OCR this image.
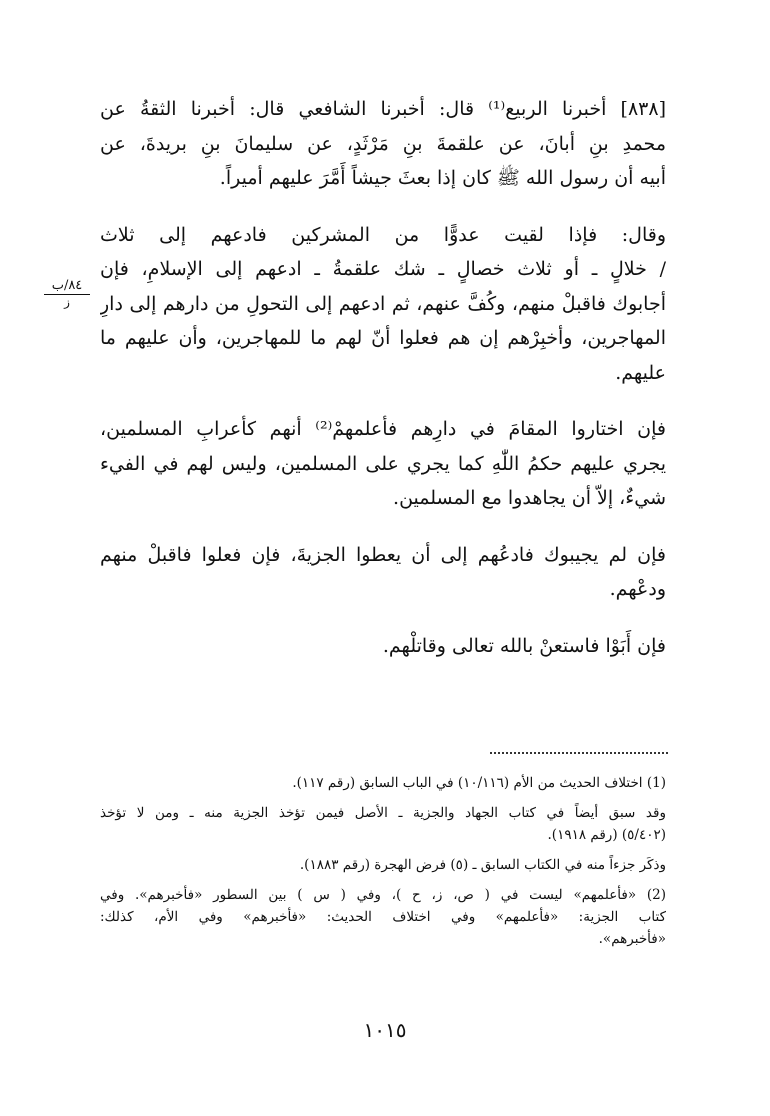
[٨٣٨] أخبرنا الربيع⁽¹⁾ قال: أخبرنا الشافعي قال: أخبرنا الثقةُ عن
محمدِ بنِ أبانَ، عن علقمةَ بنِ مَرْثَدٍ، عن سليمانَ بنِ بريدةَ، عن
أبيه أن رسول الله ﷺ كان إذا بعثَ جيشاً أَمَّرَ عليهم أميراً.
وقال: فإذا لقيت عدوًّا من المشركين فادعهم إلى ثلاث
/ خلالٍ ـ أو ثلاث خصالٍ ـ شك علقمةُ ـ ادعهم إلى الإسلامِ، فإن
أجابوك فاقبلْ منهم، وكُفَّ عنهم، ثم ادعهم إلى التحولِ من دارهم إلى دارِ
المهاجرين، وأخبِرْهم إن هم فعلوا أنّ لهم ما للمهاجرين، وأن عليهم ما
عليهم.
فإن اختاروا المقامَ في دارِهم فأعلمهمْ⁽²⁾ أنهم كأعرابِ المسلمين،
يجري عليهم حكمُ اللّٰهِ كما يجري على المسلمين، وليس لهم في الفيء
شيءٌ، إلاّ أن يجاهدوا مع المسلمين.
فإن لم يجيبوك فادعُهم إلى أن يعطوا الجزيةَ، فإن فعلوا فاقبلْ منهم
ودعْهم.
فإن أَبَوْا فاستعنْ بالله تعالى وقاتلْهم.
٨٤/ب
ز
(1) اختلاف الحديث من الأم (١٠/١١٦) في الباب السابق (رقم ١١٧).
وقد سبق أيضاً في كتاب الجهاد والجزية ـ الأصل فيمن تؤخذ الجزية منه ـ ومن لا تؤخذ
(٥/٤٠٢) (رقم ١٩١٨).
وذكَر جزءاً منه في الكتاب السابق ـ (٥) فرض الهجرة (رقم ١٨٨٣).
(2) «فأعلمهم» ليست في ( ص، ز، ح )، وفي ( س ) بين السطور «فأخبرهم». وفي
كتاب الجزية: «فأعلمهم» وفي اختلاف الحديث: «فأخبرهم» وفي الأم، كذلك:
«فأخبرهم».
١٠١٥
